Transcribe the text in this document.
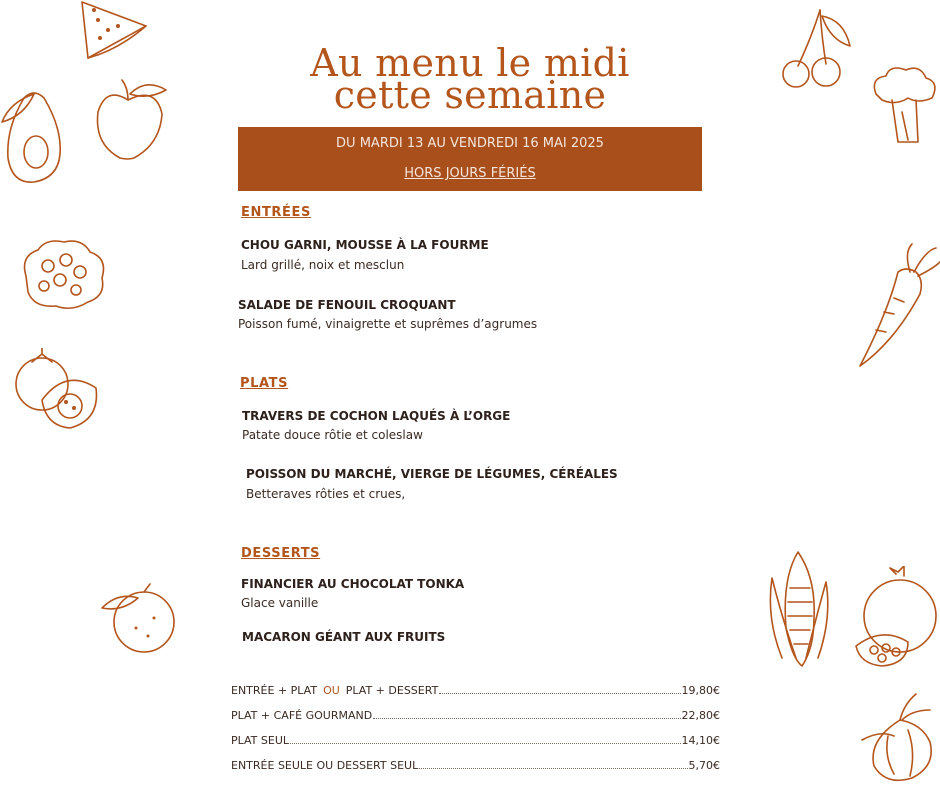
Au menu le midi
cette semaine
DU MARDI 13 AU VENDREDI 16 MAI 2025
HORS JOURS FÉRIÉS
ENTRÉES
CHOU GARNI, MOUSSE À LA FOURME
Lard grillé, noix et mesclun
SALADE DE FENOUIL CROQUANT
Poisson fumé, vinaigrette et suprêmes d’agrumes
PLATS
TRAVERS DE COCHON LAQUÉS À L’ORGE
Patate douce rôtie et coleslaw
POISSON DU MARCHÉ, VIERGE DE LÉGUMES, CÉRÉALES
Betteraves rôties et crues,
DESSERTS
FINANCIER AU CHOCOLAT TONKA
Glace vanille
MACARON GÉANT AUX FRUITS
ENTRÉE + PLAT OU PLAT + DESSERT	19,80€
PLAT + CAFÉ GOURMAND	22,80€
PLAT SEUL	14,10€
ENTRÉE SEULE OU DESSERT SEUL	5,70€
